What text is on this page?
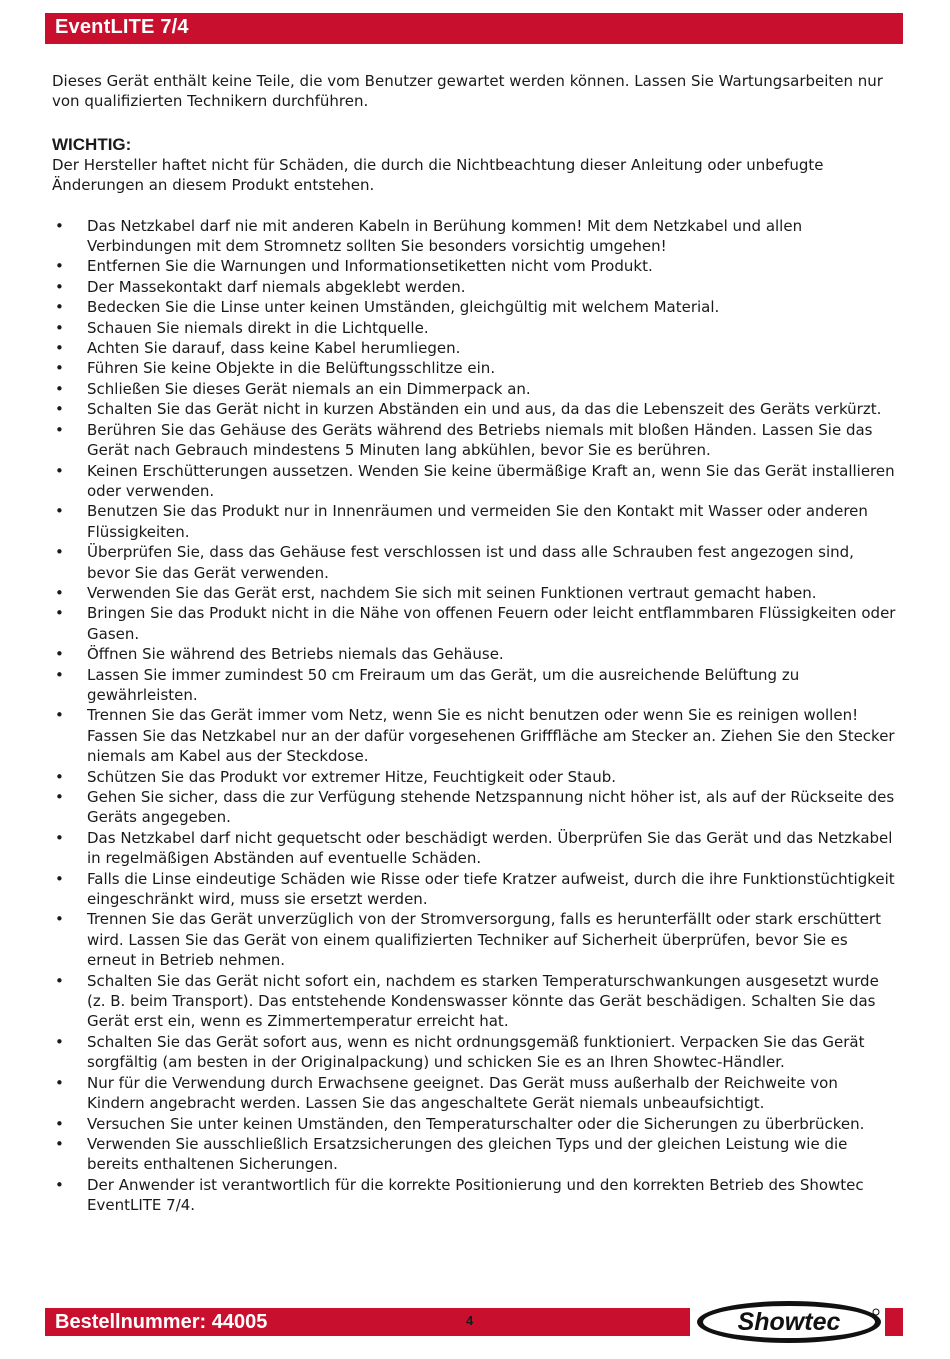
EventLITE 7/4

Dieses Gerät enthält keine Teile, die vom Benutzer gewartet werden können. Lassen Sie Wartungsarbeiten nur von qualifizierten Technikern durchführen.

WICHTIG:

Der Hersteller haftet nicht für Schäden, die durch die Nichtbeachtung dieser Anleitung oder unbefugte Änderungen an diesem Produkt entstehen.

• Das Netzkabel darf nie mit anderen Kabeln in Berühung kommen! Mit dem Netzkabel und allen Verbindungen mit dem Stromnetz sollten Sie besonders vorsichtig umgehen!
• Entfernen Sie die Warnungen und Informationsetiketten nicht vom Produkt.
• Der Massekontakt darf niemals abgeklebt werden.
• Bedecken Sie die Linse unter keinen Umständen, gleichgültig mit welchem Material.
• Schauen Sie niemals direkt in die Lichtquelle.
• Achten Sie darauf, dass keine Kabel herumliegen.
• Führen Sie keine Objekte in die Belüftungsschlitze ein.
• Schließen Sie dieses Gerät niemals an ein Dimmerpack an.
• Schalten Sie das Gerät nicht in kurzen Abständen ein und aus, da das die Lebenszeit des Geräts verkürzt.
• Berühren Sie das Gehäuse des Geräts während des Betriebs niemals mit bloßen Händen. Lassen Sie das Gerät nach Gebrauch mindestens 5 Minuten lang abkühlen, bevor Sie es berühren.
• Keinen Erschütterungen aussetzen. Wenden Sie keine übermäßige Kraft an, wenn Sie das Gerät installieren oder verwenden.
• Benutzen Sie das Produkt nur in Innenräumen und vermeiden Sie den Kontakt mit Wasser oder anderen Flüssigkeiten.
• Überprüfen Sie, dass das Gehäuse fest verschlossen ist und dass alle Schrauben fest angezogen sind, bevor Sie das Gerät verwenden.
• Verwenden Sie das Gerät erst, nachdem Sie sich mit seinen Funktionen vertraut gemacht haben.
• Bringen Sie das Produkt nicht in die Nähe von offenen Feuern oder leicht entflammbaren Flüssigkeiten oder Gasen.
• Öffnen Sie während des Betriebs niemals das Gehäuse.
• Lassen Sie immer zumindest 50 cm Freiraum um das Gerät, um die ausreichende Belüftung zu gewährleisten.
• Trennen Sie das Gerät immer vom Netz, wenn Sie es nicht benutzen oder wenn Sie es reinigen wollen! Fassen Sie das Netzkabel nur an der dafür vorgesehenen Grifffläche am Stecker an. Ziehen Sie den Stecker niemals am Kabel aus der Steckdose.
• Schützen Sie das Produkt vor extremer Hitze, Feuchtigkeit oder Staub.
• Gehen Sie sicher, dass die zur Verfügung stehende Netzspannung nicht höher ist, als auf der Rückseite des Geräts angegeben.
• Das Netzkabel darf nicht gequetscht oder beschädigt werden. Überprüfen Sie das Gerät und das Netzkabel in regelmäßigen Abständen auf eventuelle Schäden.
• Falls die Linse eindeutige Schäden wie Risse oder tiefe Kratzer aufweist, durch die ihre Funktionstüchtigkeit eingeschränkt wird, muss sie ersetzt werden.
• Trennen Sie das Gerät unverzüglich von der Stromversorgung, falls es herunterfällt oder stark erschüttert wird. Lassen Sie das Gerät von einem qualifizierten Techniker auf Sicherheit überprüfen, bevor Sie es erneut in Betrieb nehmen.
• Schalten Sie das Gerät nicht sofort ein, nachdem es starken Temperaturschwankungen ausgesetzt wurde (z. B. beim Transport). Das entstehende Kondenswasser könnte das Gerät beschädigen. Schalten Sie das Gerät erst ein, wenn es Zimmertemperatur erreicht hat.
• Schalten Sie das Gerät sofort aus, wenn es nicht ordnungsgemäß funktioniert. Verpacken Sie das Gerät sorgfältig (am besten in der Originalpackung) und schicken Sie es an Ihren Showtec-Händler.
• Nur für die Verwendung durch Erwachsene geeignet. Das Gerät muss außerhalb der Reichweite von Kindern angebracht werden. Lassen Sie das angeschaltete Gerät niemals unbeaufsichtigt.
• Versuchen Sie unter keinen Umständen, den Temperaturschalter oder die Sicherungen zu überbrücken.
• Verwenden Sie ausschließlich Ersatzsicherungen des gleichen Typs und der gleichen Leistung wie die bereits enthaltenen Sicherungen.
• Der Anwender ist verantwortlich für die korrekte Positionierung und den korrekten Betrieb des Showtec EventLITE 7/4.
Bestellnummer: 44005	4	Showtec
